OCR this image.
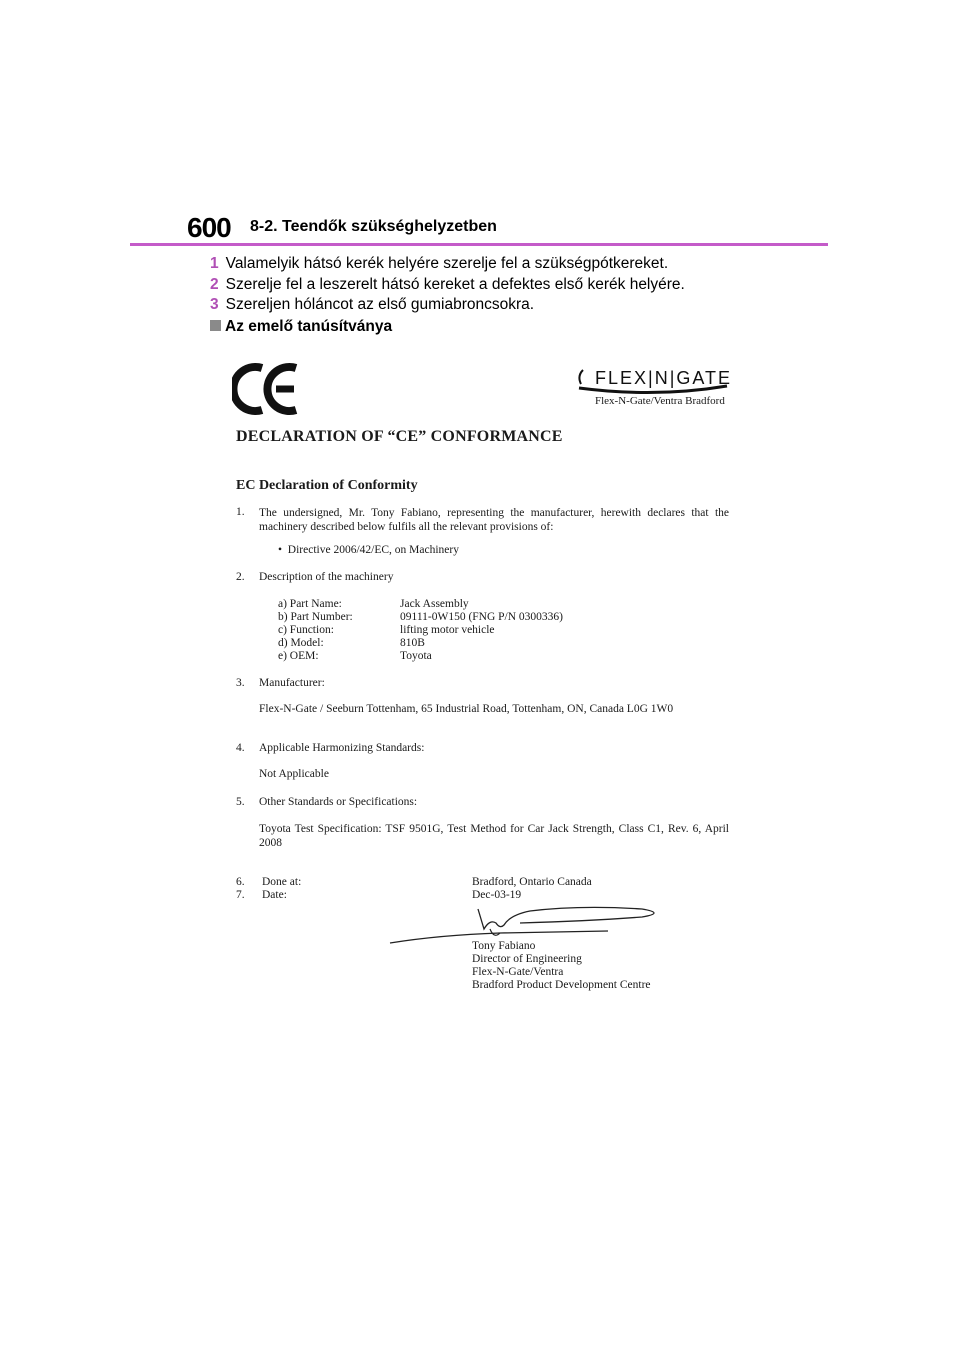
600 8-2. Teendők szükséghelyzetben
1 Valamelyik hátsó kerék helyére szerelje fel a szükségpótkereket.
2 Szerelje fel a leszerelt hátsó kereket a defektes első kerék helyére.
3 Szereljen hóláncot az első gumiabroncsokra.
Az emelő tanúsítványa
FLEX|N|GATE
Flex-N-Gate/Ventra Bradford
DECLARATION OF “CE” CONFORMANCE
EC Declaration of Conformity
1. The undersigned, Mr. Tony Fabiano, representing the manufacturer, herewith declares that the machinery described below fulfils all the relevant provisions of:
•  Directive 2006/42/EC, on Machinery
2. Description of the machinery
a) Part Name:	Jack Assembly
b) Part Number:	09111-0W150 (FNG P/N 0300336)
c) Function:	lifting motor vehicle
d) Model:	810B
e) OEM:	Toyota
3. Manufacturer:
Flex-N-Gate / Seeburn Tottenham, 65 Industrial Road, Tottenham, ON, Canada L0G 1W0
4. Applicable Harmonizing Standards:
Not Applicable
5. Other Standards or Specifications:
Toyota Test Specification: TSF 9501G, Test Method for Car Jack Strength, Class C1, Rev. 6, April 2008
6. Done at:	Bradford, Ontario Canada
7. Date:	Dec-03-19
Tony Fabiano
Director of Engineering
Flex-N-Gate/Ventra
Bradford Product Development Centre
